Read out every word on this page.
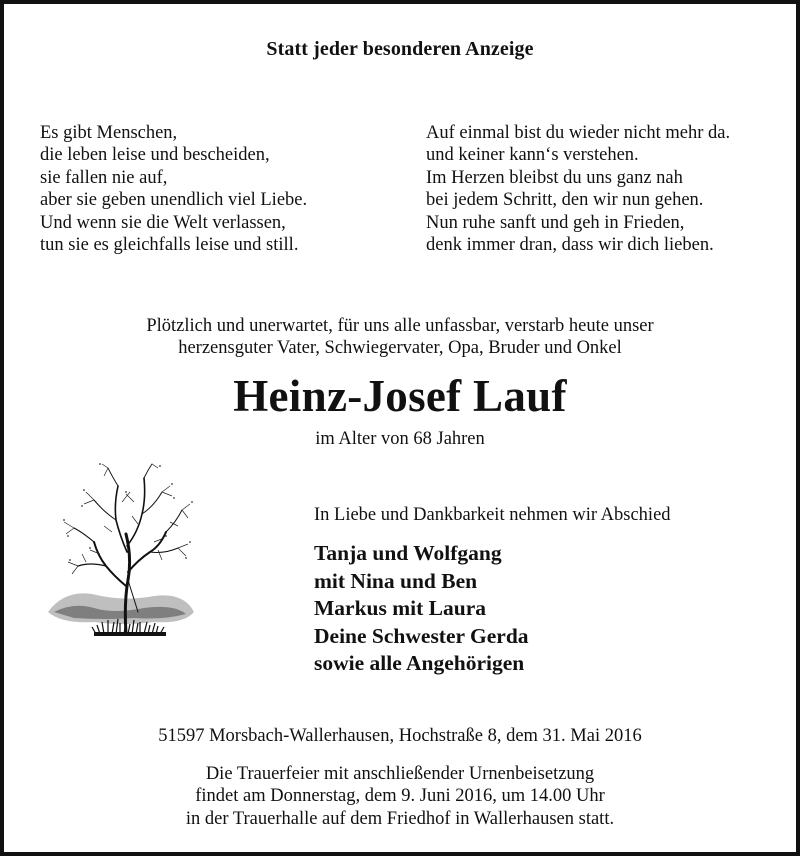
Statt jeder besonderen Anzeige
Es gibt Menschen,
die leben leise und bescheiden,
sie fallen nie auf,
aber sie geben unendlich viel Liebe.
Und wenn sie die Welt verlassen,
tun sie es gleichfalls leise und still.
Auf einmal bist du wieder nicht mehr da.
und keiner kann‘s verstehen.
Im Herzen bleibst du uns ganz nah
bei jedem Schritt, den wir nun gehen.
Nun ruhe sanft und geh in Frieden,
denk immer dran, dass wir dich lieben.
Plötzlich und unerwartet, für uns alle unfassbar, verstarb heute unser
herzensguter Vater, Schwiegervater, Opa, Bruder und Onkel
Heinz-Josef Lauf
im Alter von 68 Jahren
In Liebe und Dankbarkeit nehmen wir Abschied
Tanja und Wolfgang
mit Nina und Ben
Markus mit Laura
Deine Schwester Gerda
sowie alle Angehörigen
51597 Morsbach-Wallerhausen, Hochstraße 8, dem 31. Mai 2016
Die Trauerfeier mit anschließender Urnenbeisetzung
findet am Donnerstag, dem 9. Juni 2016, um 14.00 Uhr
in der Trauerhalle auf dem Friedhof in Wallerhausen statt.
